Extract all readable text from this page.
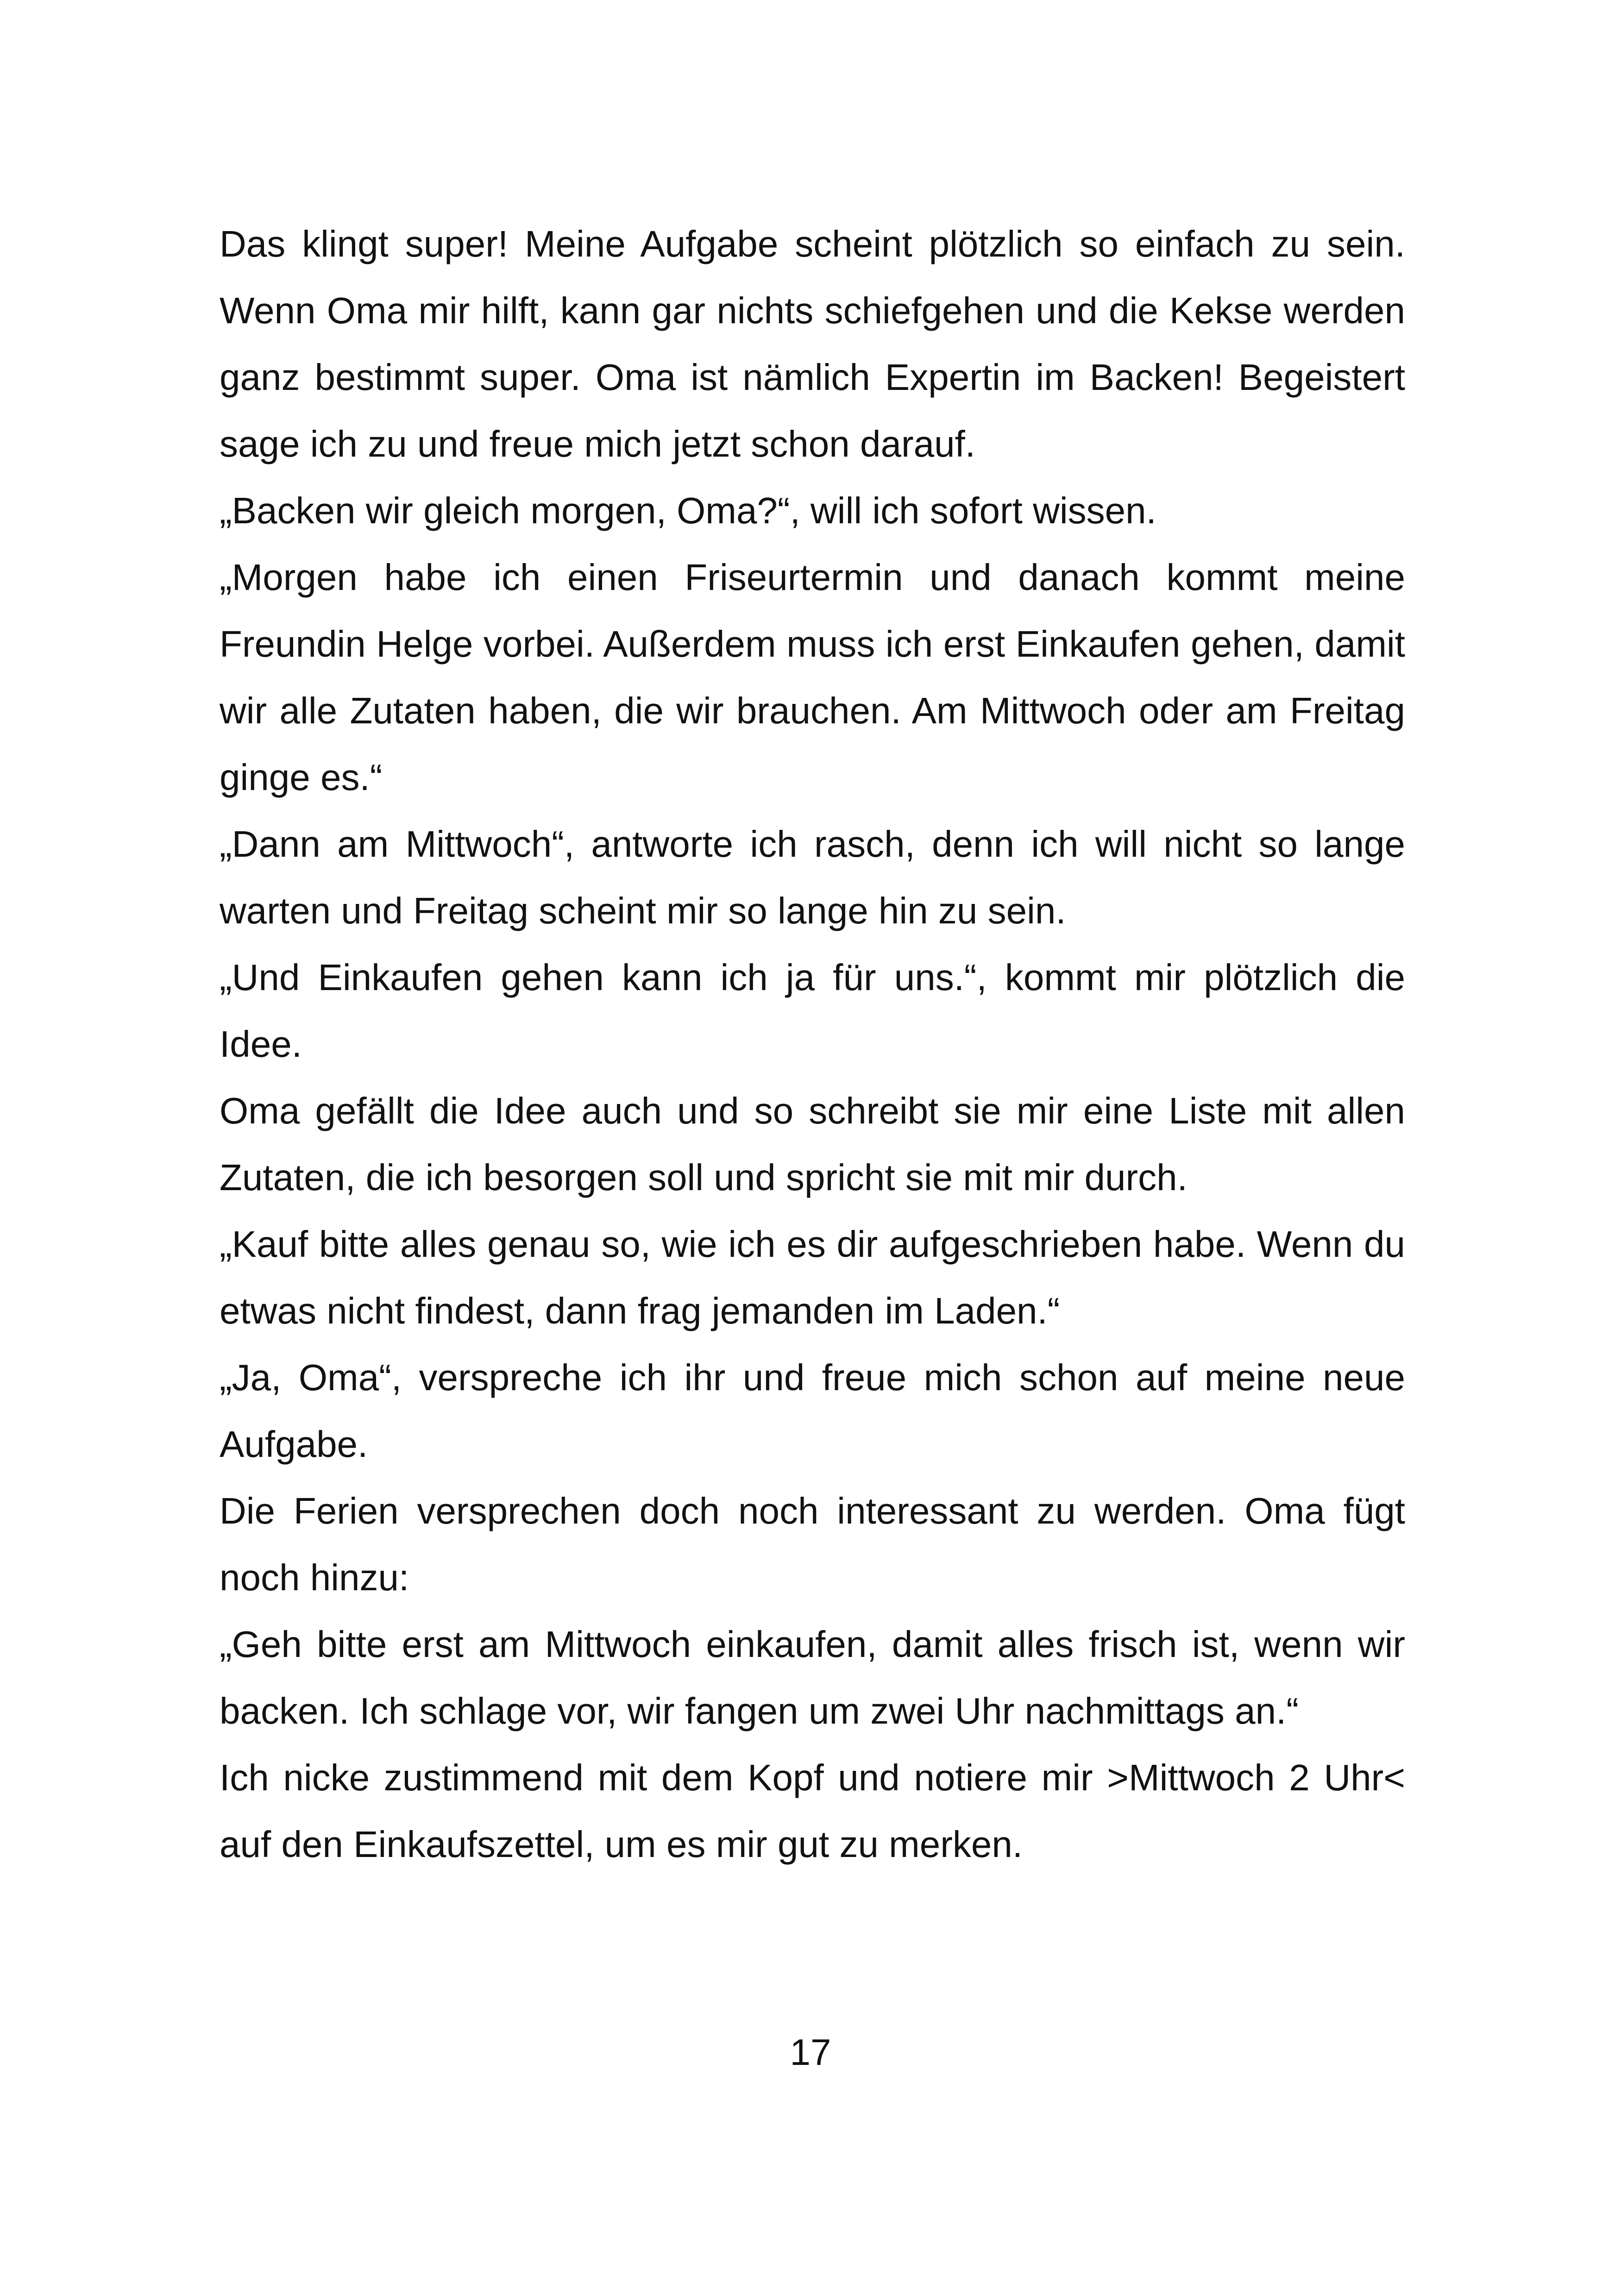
Das klingt super! Meine Aufgabe scheint plötzlich so einfach zu sein. Wenn Oma mir hilft, kann gar nichts schiefgehen und die Kekse werden ganz bestimmt super. Oma ist nämlich Expertin im Backen! Begeistert sage ich zu und freue mich jetzt schon darauf.

„Backen wir gleich morgen, Oma?“, will ich sofort wissen.

„Morgen habe ich einen Friseurtermin und danach kommt meine Freundin Helge vorbei. Außerdem muss ich erst Einkaufen gehen, damit wir alle Zutaten haben, die wir brauchen. Am Mittwoch oder am Freitag ginge es.“

„Dann am Mittwoch“, antworte ich rasch, denn ich will nicht so lange warten und Freitag scheint mir so lange hin zu sein.

„Und Einkaufen gehen kann ich ja für uns.“, kommt mir plötzlich die Idee.

Oma gefällt die Idee auch und so schreibt sie mir eine Liste mit allen Zutaten, die ich besorgen soll und spricht sie mit mir durch.

„Kauf bitte alles genau so, wie ich es dir aufgeschrieben habe. Wenn du etwas nicht findest, dann frag jemanden im Laden.“

„Ja, Oma“, verspreche ich ihr und freue mich schon auf meine neue Aufgabe.

Die Ferien versprechen doch noch interessant zu werden. Oma fügt noch hinzu:

„Geh bitte erst am Mittwoch einkaufen, damit alles frisch ist, wenn wir backen. Ich schlage vor, wir fangen um zwei Uhr nachmittags an.“

Ich nicke zustimmend mit dem Kopf und notiere mir >Mittwoch 2 Uhr< auf den Einkaufszettel, um es mir gut zu merken.

17
